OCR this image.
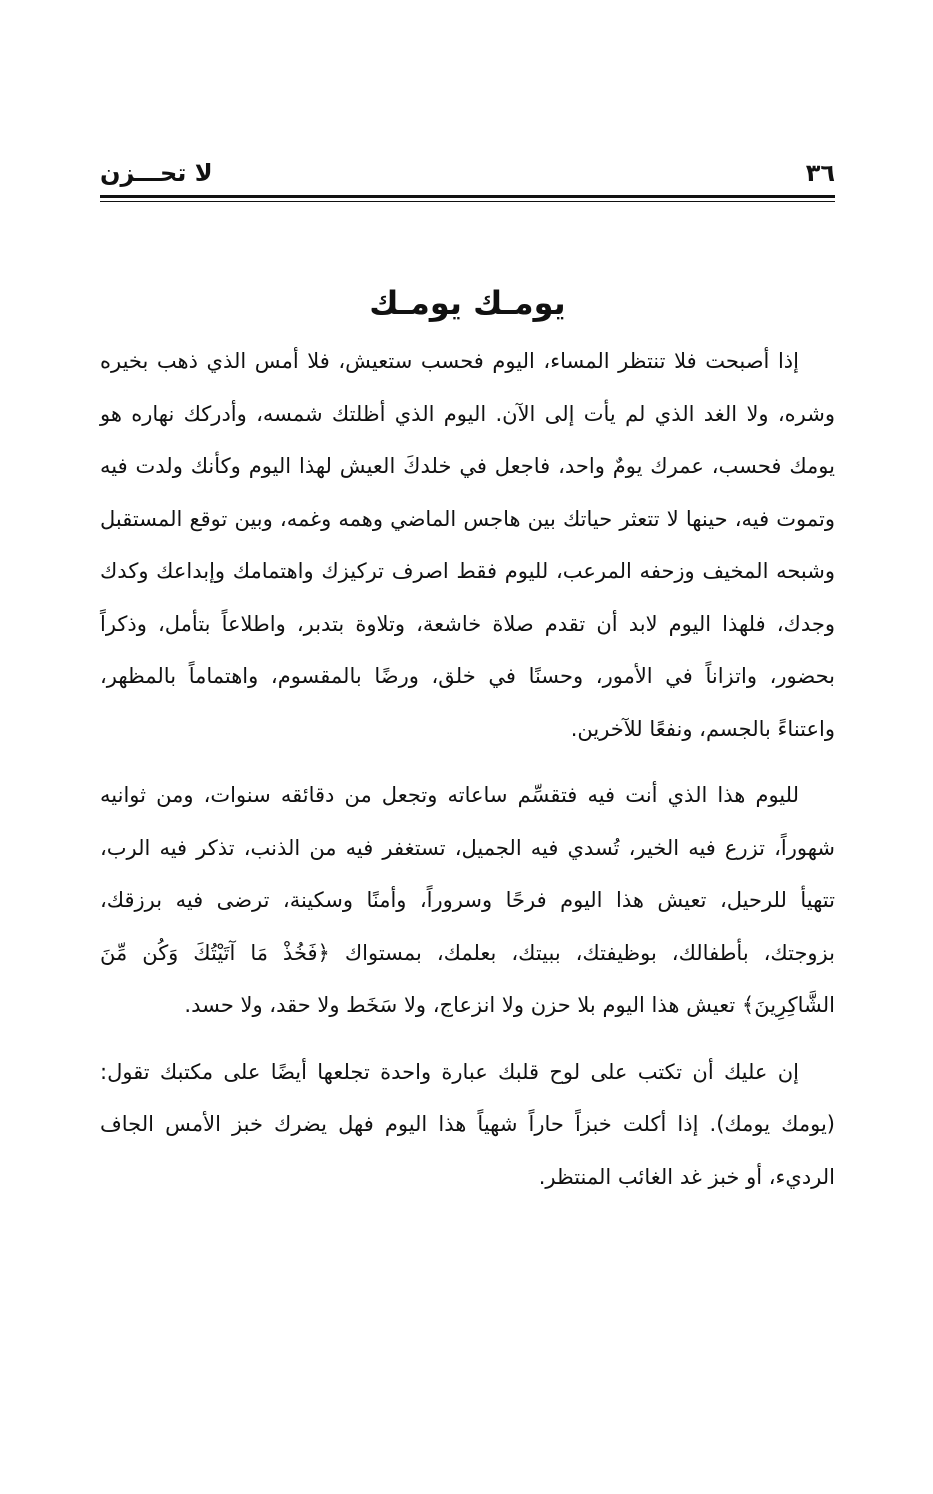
٣٦
لا تحـــزن
يومـك يومـك

إذا أصبحت فلا تنتظر المساء، اليوم فحسب ستعيش، فلا أمس الذي ذهب بخيره وشره، ولا الغد الذي لم يأت إلى الآن. اليوم الذي أظلتك شمسه، وأدركك نهاره هو يومك فحسب، عمرك يومٌ واحد، فاجعل في خلدكَ العيش لهذا اليوم وكأنك ولدت فيه وتموت فيه، حينها لا تتعثر حياتك بين هاجس الماضي وهمه وغمه، وبين توقع المستقبل وشبحه المخيف وزحفه المرعب، لليوم فقط اصرف تركيزك واهتمامك وإبداعك وكدك وجدك، فلهذا اليوم لابد أن تقدم صلاة خاشعة، وتلاوة بتدبر، واطلاعاً بتأمل، وذكراً بحضور، واتزاناً في الأمور، وحسنًا في خلق، ورضًا بالمقسوم، واهتماماً بالمظهر، واعتناءً بالجسم، ونفعًا للآخرين.

لليوم هذا الذي أنت فيه فتقسِّم ساعاته وتجعل من دقائقه سنوات، ومن ثوانيه شهوراً، تزرع فيه الخير، تُسدي فيه الجميل، تستغفر فيه من الذنب، تذكر فيه الرب، تتهيأ للرحيل، تعيش هذا اليوم فرحًا وسروراً، وأمنًا وسكينة، ترضى فيه برزقك، بزوجتك، بأطفالك، بوظيفتك، ببيتك، بعلمك، بمستواك ﴿فَخُذْ مَا آتَيْتُكَ وَكُن مِّنَ الشَّاكِرِينَ﴾ تعيش هذا اليوم بلا حزن ولا انزعاج، ولا سَخَط ولا حقد، ولا حسد.

إن عليك أن تكتب على لوح قلبك عبارة واحدة تجلعها أيضًا على مكتبك تقول: (يومك يومك). إذا أكلت خبزاً حاراً شهياً هذا اليوم فهل يضرك خبز الأمس الجاف الرديء، أو خبز غد الغائب المنتظر.
